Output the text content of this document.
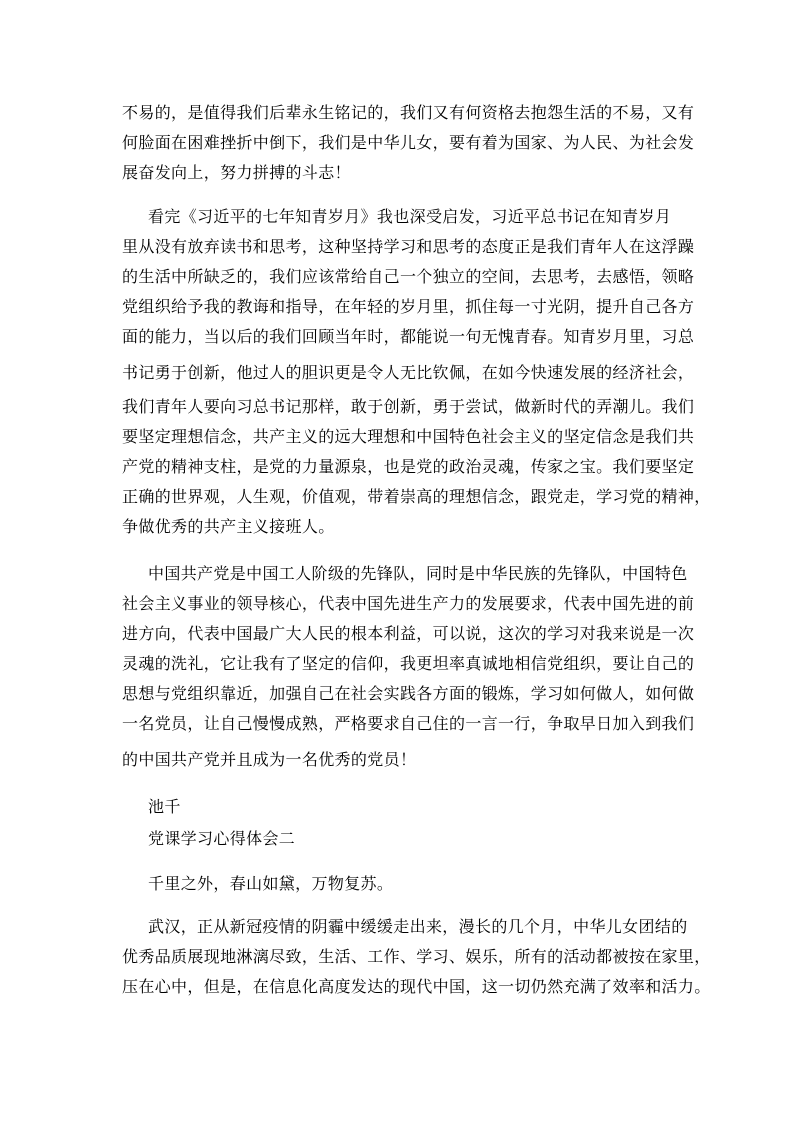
不易的，是值得我们后辈永生铭记的，我们又有何资格去抱怨生活的不易，又有
何脸面在困难挫折中倒下，我们是中华儿女，要有着为国家、为人民、为社会发
展奋发向上，努力拼搏的斗志！
看完《习近平的七年知青岁月》我也深受启发，习近平总书记在知青岁月
里从没有放弃读书和思考，这种坚持学习和思考的态度正是我们青年人在这浮躁
的生活中所缺乏的，我们应该常给自己一个独立的空间，去思考，去感悟，领略
党组织给予我的教诲和指导，在年轻的岁月里，抓住每一寸光阴，提升自己各方
面的能力，当以后的我们回顾当年时，都能说一句无愧青春。知青岁月里，习总
书记勇于创新，他过人的胆识更是令人无比钦佩，在如今快速发展的经济社会，
我们青年人要向习总书记那样，敢于创新，勇于尝试，做新时代的弄潮儿。我们
要坚定理想信念，共产主义的远大理想和中国特色社会主义的坚定信念是我们共
产党的精神支柱，是党的力量源泉，也是党的政治灵魂，传家之宝。我们要坚定
正确的世界观，人生观，价值观，带着崇高的理想信念，跟党走，学习党的精神，
争做优秀的共产主义接班人。
中国共产党是中国工人阶级的先锋队，同时是中华民族的先锋队，中国特色
社会主义事业的领导核心，代表中国先进生产力的发展要求，代表中国先进的前
进方向，代表中国最广大人民的根本利益，可以说，这次的学习对我来说是一次
灵魂的洗礼，它让我有了坚定的信仰，我更坦率真诚地相信党组织，要让自己的
思想与党组织靠近，加强自己在社会实践各方面的锻炼，学习如何做人，如何做
一名党员，让自己慢慢成熟，严格要求自己住的一言一行，争取早日加入到我们
的中国共产党并且成为一名优秀的党员！
池千
党课学习心得体会二
千里之外，春山如黛，万物复苏。
武汉，正从新冠疫情的阴霾中缓缓走出来，漫长的几个月，中华儿女团结的
优秀品质展现地淋漓尽致，生活、工作、学习、娱乐，所有的活动都被按在家里，
压在心中，但是，在信息化高度发达的现代中国，这一切仍然充满了效率和活力。
